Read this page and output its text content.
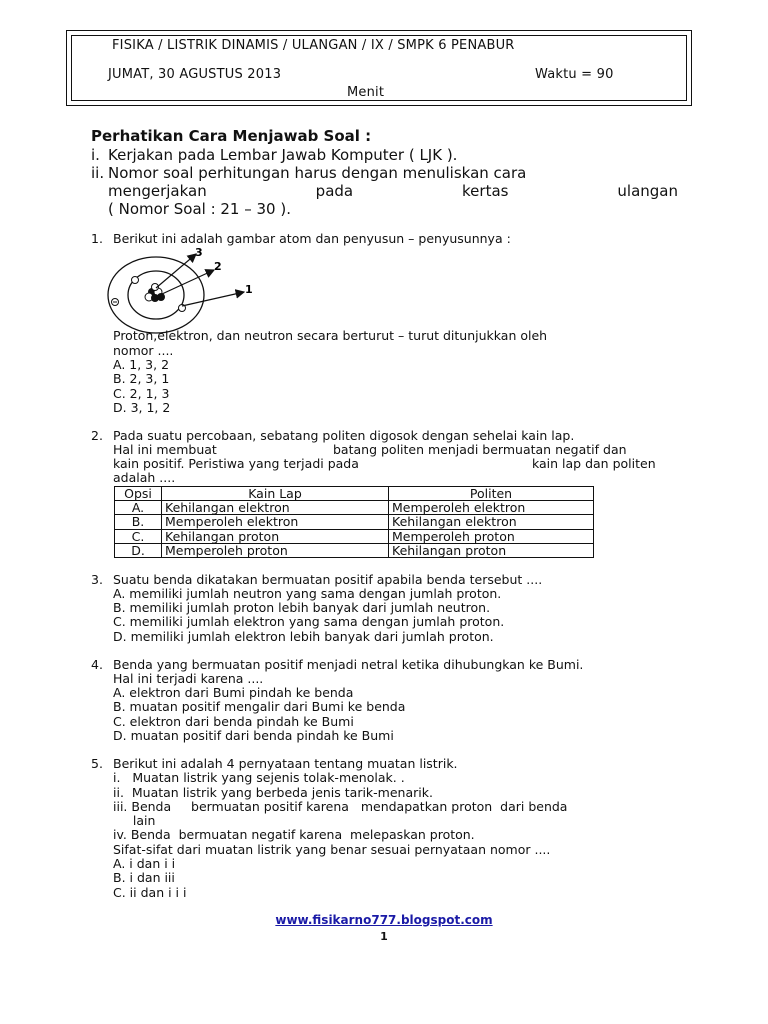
FISIKA / LISTRIK DINAMIS / ULANGAN / IX / SMPK 6 PENABUR
JUMAT, 30 AGUSTUS 2013	Waktu = 90
Menit
Perhatikan Cara Menjawab Soal :
i. Kerjakan pada Lembar Jawab Komputer ( LJK ).
ii. Nomor soal perhitungan harus dengan menuliskan cara
mengerjakan	pada	kertas	ulangan
( Nomor Soal : 21 – 30 ).
1. Berikut ini adalah gambar atom dan penyusun – penyusunnya :
3
2
1
Proton,elektron, dan neutron secara berturut – turut ditunjukkan oleh
nomor ....
A. 1, 3, 2
B. 2, 3, 1
C. 2, 1, 3
D. 3, 1, 2
2. Pada suatu percobaan, sebatang politen digosok dengan sehelai kain lap.
Hal ini membuat	batang politen menjadi bermuatan negatif dan
kain positif. Peristiwa yang terjadi pada	kain lap dan politen
adalah ....
Opsi	Kain Lap	Politen
A.	Kehilangan elektron	Memperoleh elektron
B.	Memperoleh elektron	Kehilangan elektron
C.	Kehilangan proton	Memperoleh proton
D.	Memperoleh proton	Kehilangan proton
3. Suatu benda dikatakan bermuatan positif apabila benda tersebut ....
A. memiliki jumlah neutron yang sama dengan jumlah proton.
B. memiliki jumlah proton lebih banyak dari jumlah neutron.
C. memiliki jumlah elektron yang sama dengan jumlah proton.
D. memiliki jumlah elektron lebih banyak dari jumlah proton.
4. Benda yang bermuatan positif menjadi netral ketika dihubungkan ke Bumi.
Hal ini terjadi karena ....
A. elektron dari Bumi pindah ke benda
B. muatan positif mengalir dari Bumi ke benda
C. elektron dari benda pindah ke Bumi
D. muatan positif dari benda pindah ke Bumi
5. Berikut ini adalah 4 pernyataan tentang muatan listrik.
i.   Muatan listrik yang sejenis tolak-menolak. .
ii.  Muatan listrik yang berbeda jenis tarik-menarik.
iii. Benda     bermuatan positif karena   mendapatkan proton  dari benda
lain
iv. Benda  bermuatan negatif karena  melepaskan proton.
Sifat-sifat dari muatan listrik yang benar sesuai pernyataan nomor ....
A. i dan i i
B. i dan iii
C. ii dan i i i
www.fisikarno777.blogspot.com
1
